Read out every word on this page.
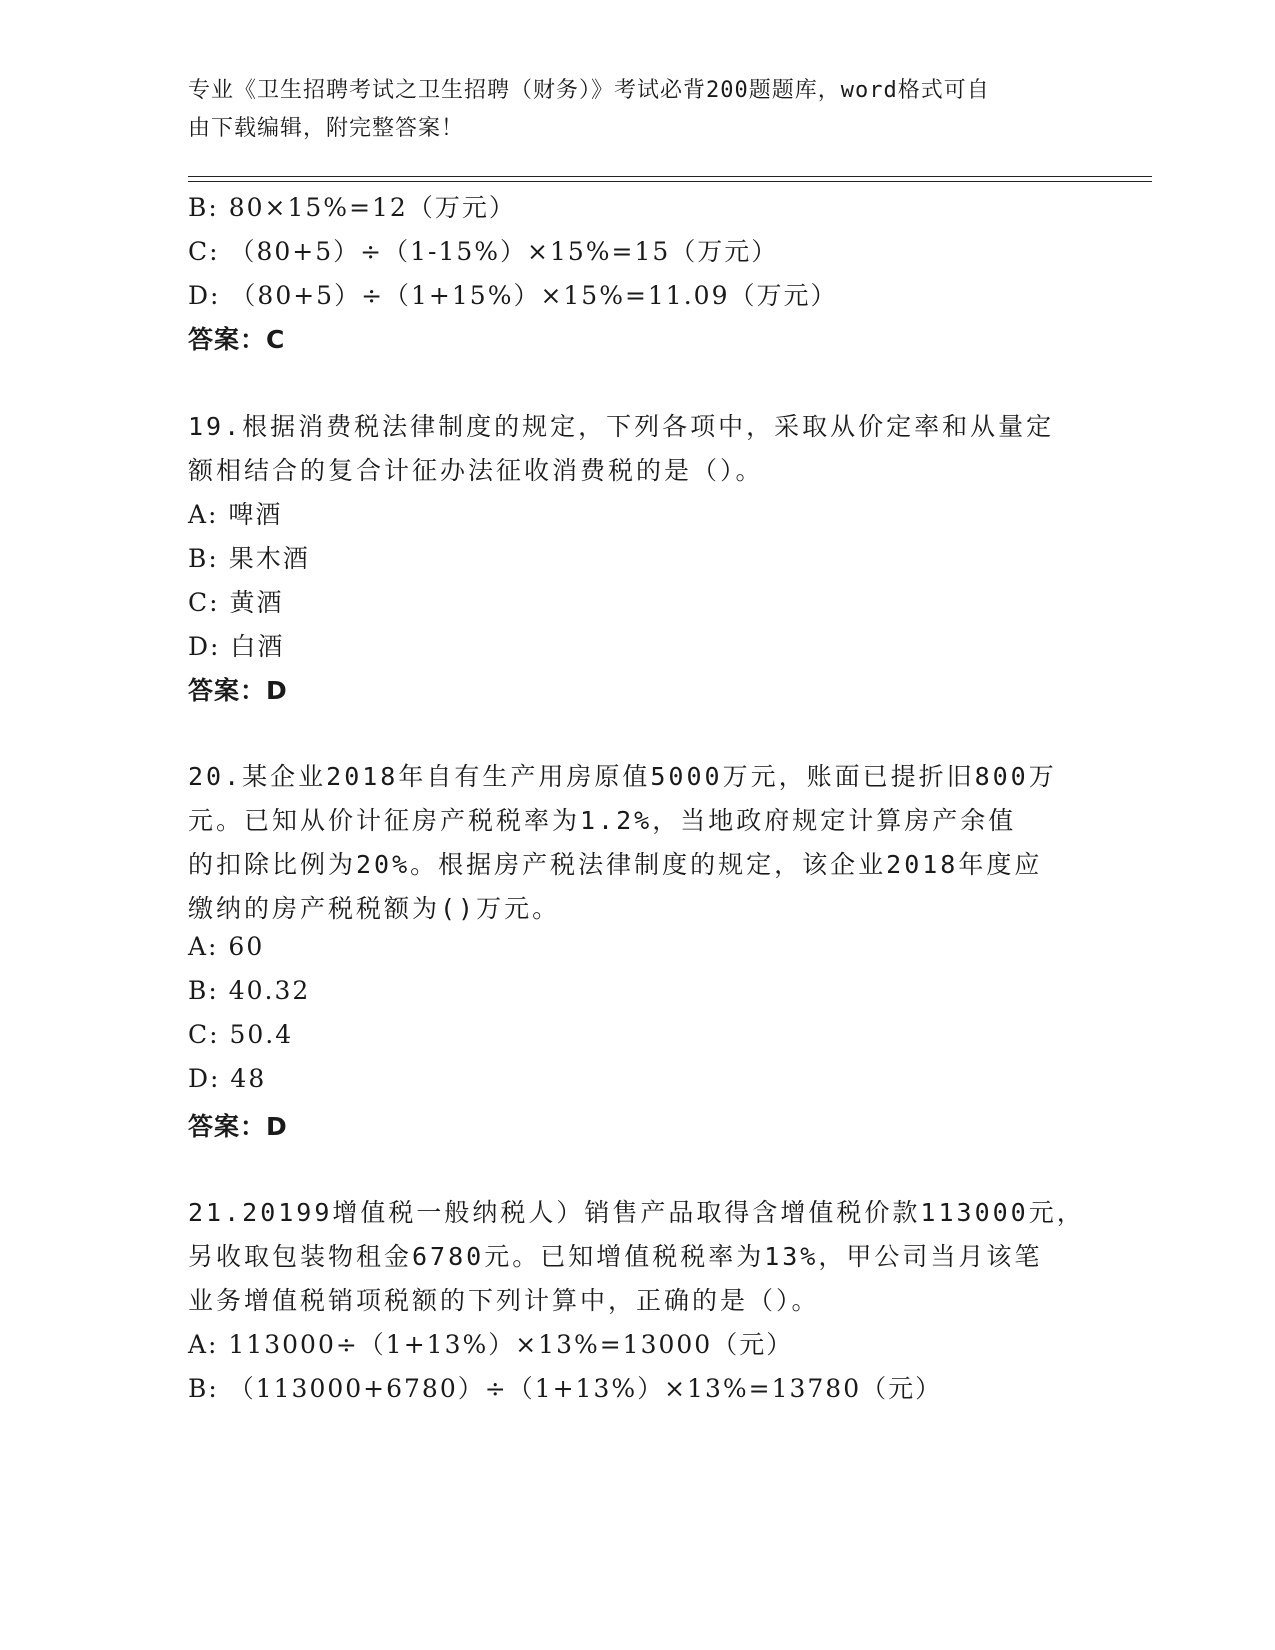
专业《卫生招聘考试之卫生招聘（财务）》考试必背200题题库，word格式可自
由下载编辑，附完整答案！
B: 80×15%=12（万元）
C: （80+5）÷（1-15%）×15%=15（万元）
D: （80+5）÷（1+15%）×15%=11.09（万元）
答案：C
19.根据消费税法律制度的规定，下列各项中，采取从价定率和从量定
额相结合的复合计征办法征收消费税的是（）。
A: 啤酒
B: 果木酒
C: 黄酒
D: 白酒
答案：D
20.某企业2018年自有生产用房原值5000万元，账面已提折旧800万
元。已知从价计征房产税税率为1.2%，当地政府规定计算房产余值
的扣除比例为20%。根据房产税法律制度的规定，该企业2018年度应
缴纳的房产税税额为()万元。
A: 60
B: 40.32
C: 50.4
D: 48
答案：D
21.20199增值税一般纳税人）销售产品取得含增值税价款113000元，
另收取包装物租金6780元。已知增值税税率为13%，甲公司当月该笔
业务增值税销项税额的下列计算中，正确的是（）。
A: 113000÷（1+13%）×13%=13000（元）
B: （113000+6780）÷（1+13%）×13%=13780（元）
